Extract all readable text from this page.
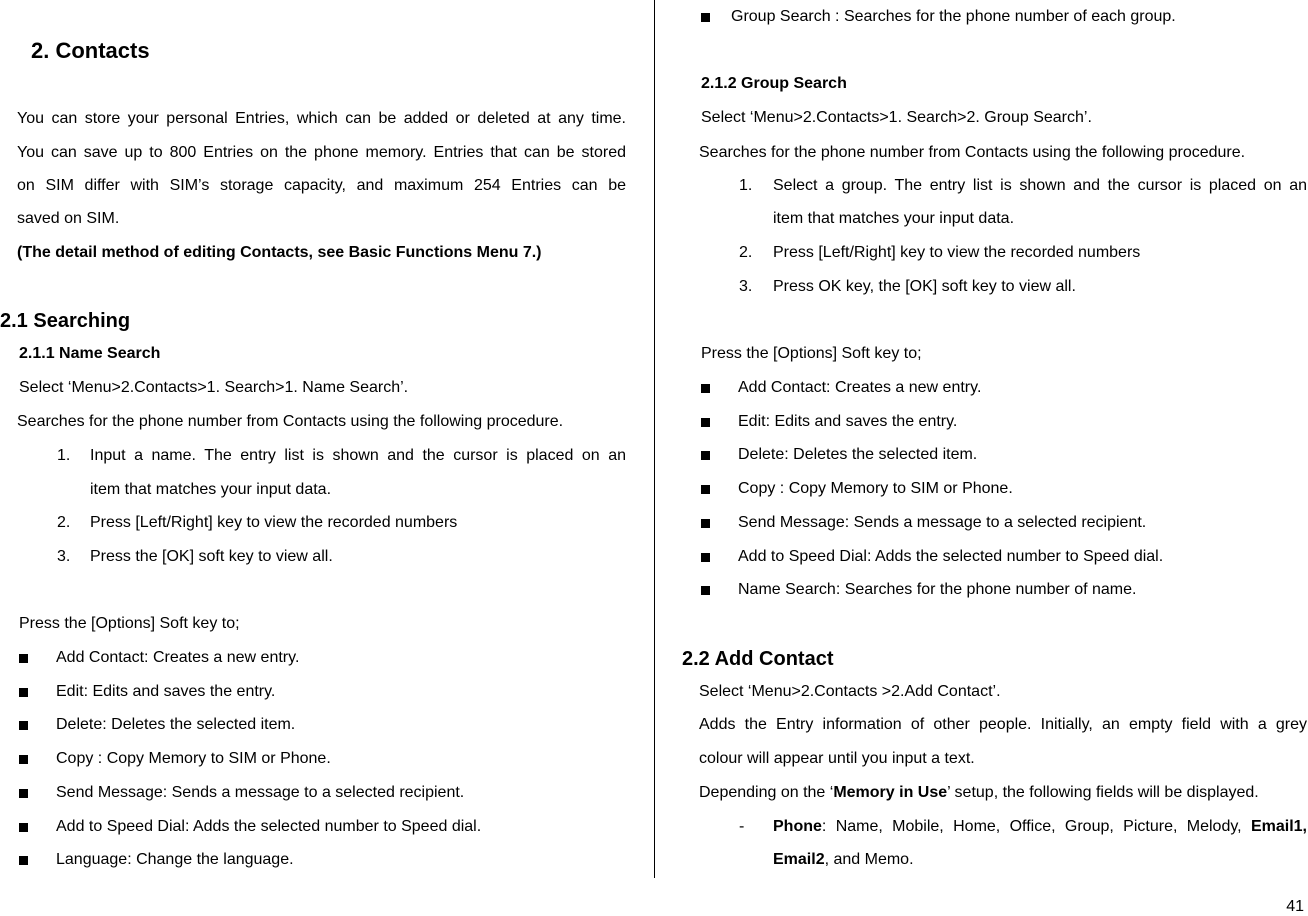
2. Contacts
You can store your personal Entries, which can be added or deleted at any time.
You can save up to 800 Entries on the phone memory. Entries that can be stored
on SIM differ with SIM’s storage capacity, and maximum 254 Entries can be
saved on SIM.
(The detail method of editing Contacts, see Basic Functions Menu 7.)
2.1 Searching
2.1.1 Name Search
Select ‘Menu>2.Contacts>1. Search>1. Name Search’.
Searches for the phone number from Contacts using the following procedure.
1. Input a name. The entry list is shown and the cursor is placed on an
item that matches your input data.
2. Press [Left/Right] key to view the recorded numbers
3. Press the [OK] soft key to view all.
Press the [Options] Soft key to;
Add Contact: Creates a new entry.
Edit: Edits and saves the entry.
Delete: Deletes the selected item.
Copy : Copy Memory to SIM or Phone.
Send Message: Sends a message to a selected recipient.
Add to Speed Dial: Adds the selected number to Speed dial.
Language: Change the language.
Group Search : Searches for the phone number of each group.
2.1.2 Group Search
Select ‘Menu>2.Contacts>1. Search>2. Group Search’.
Searches for the phone number from Contacts using the following procedure.
1. Select a group. The entry list is shown and the cursor is placed on an
item that matches your input data.
2. Press [Left/Right] key to view the recorded numbers
3. Press OK key, the [OK] soft key to view all.
Press the [Options] Soft key to;
Add Contact: Creates a new entry.
Edit: Edits and saves the entry.
Delete: Deletes the selected item.
Copy : Copy Memory to SIM or Phone.
Send Message: Sends a message to a selected recipient.
Add to Speed Dial: Adds the selected number to Speed dial.
Name Search: Searches for the phone number of name.
2.2 Add Contact
Select ‘Menu>2.Contacts >2.Add Contact’.
Adds the Entry information of other people. Initially, an empty field with a grey
colour will appear until you input a text.
Depending on the ‘Memory in Use’ setup, the following fields will be displayed.
- Phone: Name, Mobile, Home, Office, Group, Picture, Melody, Email1,
Email2, and Memo.
41
